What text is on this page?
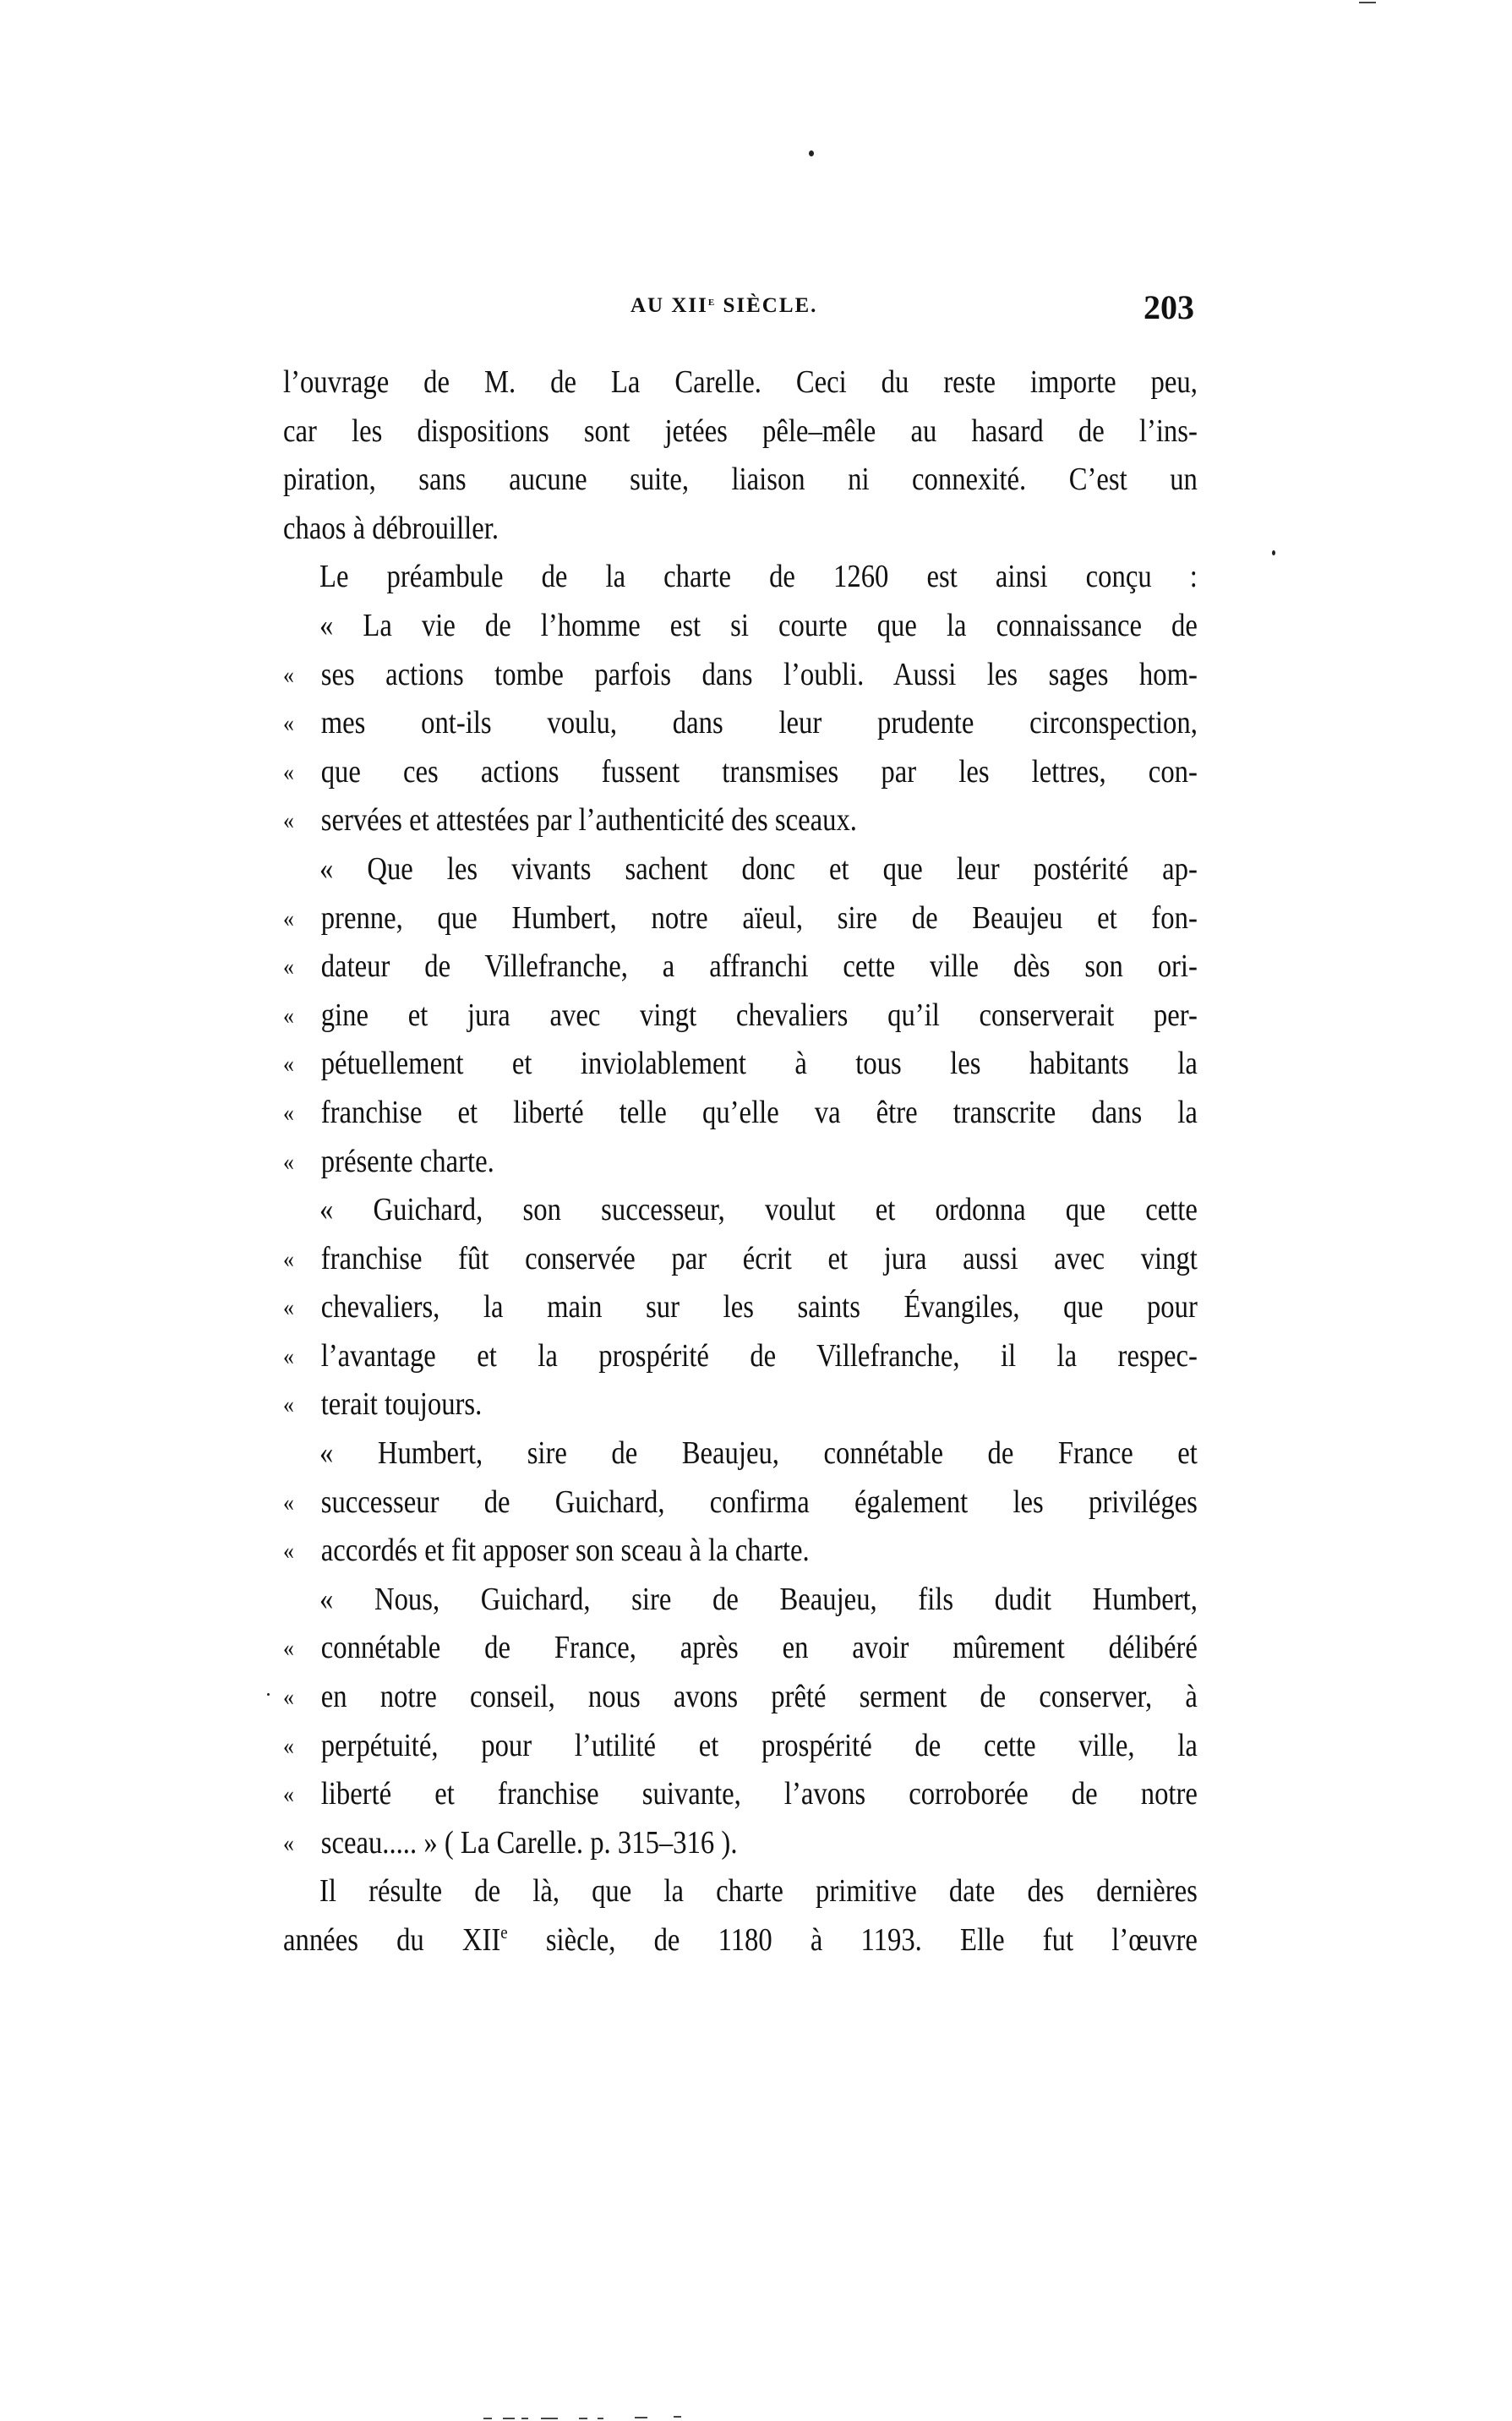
AU XIIe SIÈCLE.	203
l’ouvrage de M. de La Carelle. Ceci du reste importe peu,
car les dispositions sont jetées pêle–mêle au hasard de l’ins-
piration, sans aucune suite, liaison ni connexité. C’est un
chaos à débrouiller.
Le préambule de la charte de 1260 est ainsi conçu :
« La vie de l’homme est si courte que la connaissance de
« ses actions tombe parfois dans l’oubli. Aussi les sages hom-
« mes ont-ils voulu, dans leur prudente circonspection,
« que ces actions fussent transmises par les lettres, con-
« servées et attestées par l’authenticité des sceaux.
« Que les vivants sachent donc et que leur postérité ap-
« prenne, que Humbert, notre aïeul, sire de Beaujeu et fon-
« dateur de Villefranche, a affranchi cette ville dès son ori-
« gine et jura avec vingt chevaliers qu’il conserverait per-
« pétuellement et inviolablement à tous les habitants la
« franchise et liberté telle qu’elle va être transcrite dans la
« présente charte.
« Guichard, son successeur, voulut et ordonna que cette
« franchise fût conservée par écrit et jura aussi avec vingt
« chevaliers, la main sur les saints Évangiles, que pour
« l’avantage et la prospérité de Villefranche, il la respec-
« terait toujours.
« Humbert, sire de Beaujeu, connétable de France et
« successeur de Guichard, confirma également les priviléges
« accordés et fit apposer son sceau à la charte.
« Nous, Guichard, sire de Beaujeu, fils dudit Humbert,
« connétable de France, après en avoir mûrement délibéré
« en notre conseil, nous avons prêté serment de conserver, à
« perpétuité, pour l’utilité et prospérité de cette ville, la
« liberté et franchise suivante, l’avons corroborée de notre
« sceau..... » ( La Carelle. p. 315–316 ).
Il résulte de là, que la charte primitive date des dernières
années du XIIe siècle, de 1180 à 1193. Elle fut l’œuvre
